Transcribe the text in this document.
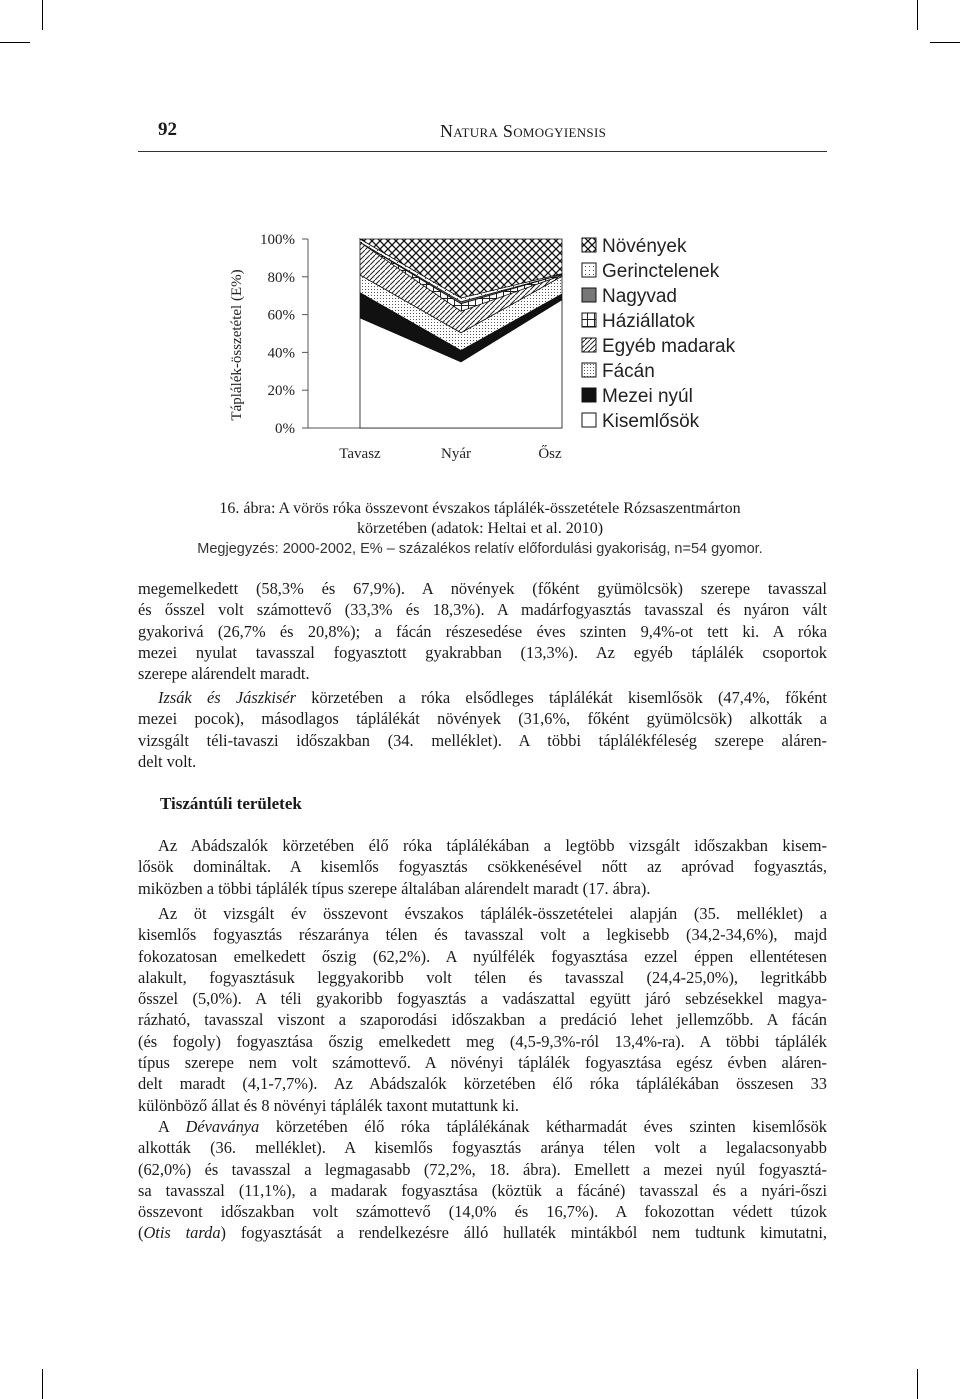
92	Natura Somogyiensis
Táplálék-összetétel (E%)
100%
80%
60%
40%
20%
0%
Tavasz	Nyár	Ősz
Növények
Gerinctelenek
Nagyvad
Háziállatok
Egyéb madarak
Fácán
Mezei nyúl
Kisemlősök
16. ábra: A vörös róka összevont évszakos táplálék-összetétele Rózsaszentmárton
körzetében (adatok: Heltai et al. 2010)
Megjegyzés: 2000-2002, E% – százalékos relatív előfordulási gyakoriság, n=54 gyomor.
megemelkedett (58,3% és 67,9%). A növények (főként gyümölcsök) szerepe tavasszal
és ősszel volt számottevő (33,3% és 18,3%). A madárfogyasztás tavasszal és nyáron vált
gyakorivá (26,7% és 20,8%); a fácán részesedése éves szinten 9,4%-ot tett ki. A róka
mezei nyulat tavasszal fogyasztott gyakrabban (13,3%). Az egyéb táplálék csoportok
szerepe alárendelt maradt.
Izsák és Jászkisér körzetében a róka elsődleges táplálékát kisemlősök (47,4%, főként
mezei pocok), másodlagos táplálékát növények (31,6%, főként gyümölcsök) alkották a
vizsgált téli-tavaszi időszakban (34. melléklet). A többi táplálékféleség szerepe aláren-
delt volt.
Tiszántúli területek
Az Abádszalók körzetében élő róka táplálékában a legtöbb vizsgált időszakban kisem-
lősök domináltak. A kisemlős fogyasztás csökkenésével nőtt az apróvad fogyasztás,
miközben a többi táplálék típus szerepe általában alárendelt maradt (17. ábra).
Az öt vizsgált év összevont évszakos táplálék-összetételei alapján (35. melléklet) a
kisemlős fogyasztás részaránya télen és tavasszal volt a legkisebb (34,2-34,6%), majd
fokozatosan emelkedett őszig (62,2%). A nyúlfélék fogyasztása ezzel éppen ellentétesen
alakult, fogyasztásuk leggyakoribb volt télen és tavasszal (24,4-25,0%), legritkább
ősszel (5,0%). A téli gyakoribb fogyasztás a vadászattal együtt járó sebzésekkel magya-
rázható, tavasszal viszont a szaporodási időszakban a predáció lehet jellemzőbb. A fácán
(és fogoly) fogyasztása őszig emelkedett meg (4,5-9,3%-ról 13,4%-ra). A többi táplálék
típus szerepe nem volt számottevő. A növényi táplálék fogyasztása egész évben aláren-
delt maradt (4,1-7,7%). Az Abádszalók körzetében élő róka táplálékában összesen 33
különböző állat és 8 növényi táplálék taxont mutattunk ki.
A Dévaványa körzetében élő róka táplálékának kétharmadát éves szinten kisemlősök
alkották (36. melléklet). A kisemlős fogyasztás aránya télen volt a legalacsonyabb
(62,0%) és tavasszal a legmagasabb (72,2%, 18. ábra). Emellett a mezei nyúl fogyasztá-
sa tavasszal (11,1%), a madarak fogyasztása (köztük a fácáné) tavasszal és a nyári-őszi
összevont időszakban volt számottevő (14,0% és 16,7%). A fokozottan védett túzok
(Otis tarda) fogyasztását a rendelkezésre álló hullaték mintákból nem tudtunk kimutatni,
